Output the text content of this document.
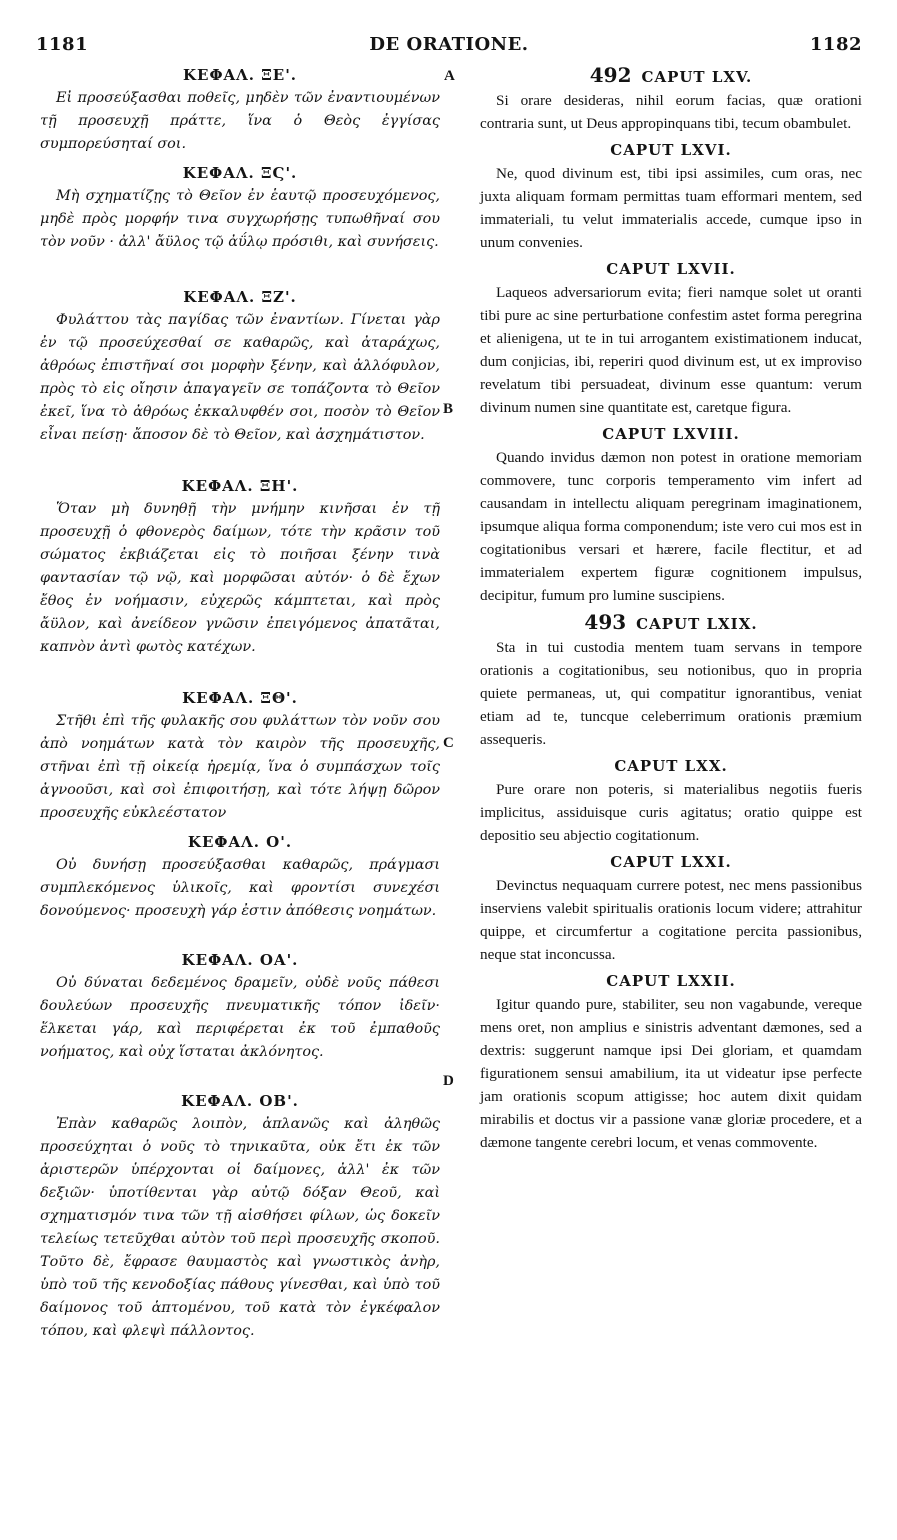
1181	DE ORATIONE.	1182
A
B
C
D
ΚΕΦΑΛ. ΞΕ'.

Εἰ προσεύξασθαι ποθεῖς, μηδὲν τῶν ἐναντιουμένων τῇ προσευχῇ πράττε, ἵνα ὁ Θεὸς ἐγγίσας συμπορεύσηταί σοι.

ΚΕΦΑΛ. ΞϚ'.

Μὴ σχηματίζῃς τὸ Θεῖον ἐν ἑαυτῷ προσευχόμενος, μηδὲ πρὸς μορφήν τινα συγχωρήσῃς τυπωθῆναί σου τὸν νοῦν · ἀλλ' ἄϋλος τῷ ἀΰλῳ πρόσιθι, καὶ συνήσεις.

ΚΕΦΑΛ. ΞΖ'.

Φυλάττου τὰς παγίδας τῶν ἐναντίων. Γίνεται γὰρ ἐν τῷ προσεύχεσθαί σε καθαρῶς, καὶ ἀταράχως, ἀθρόως ἐπιστῆναί σοι μορφὴν ξένην, καὶ ἀλλόφυλον, πρὸς τὸ εἰς οἴησιν ἀπαγαγεῖν σε τοπάζοντα τὸ Θεῖον ἐκεῖ, ἵνα τὸ ἀθρόως ἐκκαλυφθέν σοι, ποσὸν τὸ Θεῖον εἶναι πείσῃ· ἄποσον δὲ τὸ Θεῖον, καὶ ἀσχημάτιστον.

ΚΕΦΑΛ. ΞΗ'.

Ὅταν μὴ δυνηθῇ τὴν μνήμην κινῆσαι ἐν τῇ προσευχῇ ὁ φθονερὸς δαίμων, τότε τὴν κρᾶσιν τοῦ σώματος ἐκβιάζεται εἰς τὸ ποιῆσαι ξένην τινὰ φαντασίαν τῷ νῷ, καὶ μορφῶσαι αὐτόν· ὁ δὲ ἔχων ἔθος ἐν νοήμασιν, εὐχερῶς κάμπτεται, καὶ πρὸς ἄϋλον, καὶ ἀνείδεον γνῶσιν ἐπειγόμενος ἀπατᾶται, καπνὸν ἀντὶ φωτὸς κατέχων.

ΚΕΦΑΛ. ΞΘ'.

Στῆθι ἐπὶ τῆς φυλακῆς σου φυλάττων τὸν νοῦν σου ἀπὸ νοημάτων κατὰ τὸν καιρὸν τῆς προσευχῆς, στῆναι ἐπὶ τῇ οἰκείᾳ ἠρεμίᾳ, ἵνα ὁ συμπάσχων τοῖς ἀγνοοῦσι, καὶ σοὶ ἐπιφοιτήσῃ, καὶ τότε λήψῃ δῶρον προσευχῆς εὐκλεέστατον

ΚΕΦΑΛ. Ο'.

Οὐ δυνήσῃ προσεύξασθαι καθαρῶς, πράγμασι συμπλεκόμενος ὑλικοῖς, καὶ φροντίσι συνεχέσι δονούμενος· προσευχὴ γάρ ἐστιν ἀπόθεσις νοημάτων.

ΚΕΦΑΛ. ΟΑ'.

Οὐ δύναται δεδεμένος δραμεῖν, οὐδὲ νοῦς πάθεσι δουλεύων προσευχῆς πνευματικῆς τόπον ἰδεῖν· ἕλκεται γάρ, καὶ περιφέρεται ἐκ τοῦ ἐμπαθοῦς νοήματος, καὶ οὐχ ἵσταται ἀκλόνητος.

ΚΕΦΑΛ. ΟΒ'.

Ἐπὰν καθαρῶς λοιπὸν, ἀπλανῶς καὶ ἀληθῶς προσεύχηται ὁ νοῦς τὸ τηνικαῦτα, οὐκ ἔτι ἐκ τῶν ἀριστερῶν ὑπέρχονται οἱ δαίμονες, ἀλλ' ἐκ τῶν δεξιῶν· ὑποτίθενται γὰρ αὐτῷ δόξαν Θεοῦ, καὶ σχηματισμόν τινα τῶν τῇ αἰσθήσει φίλων, ὡς δοκεῖν τελείως τετεῦχθαι αὐτὸν τοῦ περὶ προσευχῆς σκοποῦ. Τοῦτο δὲ, ἔφρασε θαυμαστὸς καὶ γνωστικὸς ἀνὴρ, ὑπὸ τοῦ τῆς κενοδοξίας πάθους γίνεσθαι, καὶ ὑπὸ τοῦ δαίμονος τοῦ ἁπτομένου, τοῦ κατὰ τὸν ἐγκέφαλον τόπου, καὶ φλεψὶ πάλλοντος.

492 CAPUT LXV.

Si orare desideras, nihil eorum facias, quæ orationi contraria sunt, ut Deus appropinquans tibi, tecum obambulet.

CAPUT LXVI.

Ne, quod divinum est, tibi ipsi assimiles, cum oras, nec juxta aliquam formam permittas tuam efformari mentem, sed immateriali, tu velut immaterialis accede, cumque ipso in unum convenies.

CAPUT LXVII.

Laqueos adversariorum evita; fieri namque solet ut oranti tibi pure ac sine perturbatione confestim astet forma peregrina et alienigena, ut te in tui arrogantem existimationem inducat, dum conjicias, ibi, reperiri quod divinum est, ut ex improviso revelatum tibi persuadeat, divinum esse quantum: verum divinum numen sine quantitate est, caretque figura.

CAPUT LXVIII.

Quando invidus dæmon non potest in oratione memoriam commovere, tunc corporis temperamento vim infert ad causandam in intellectu aliquam peregrinam imaginationem, ipsumque aliqua forma componendum; iste vero cui mos est in cogitationibus versari et hærere, facile flectitur, et ad immaterialem expertem figuræ cognitionem impulsus, decipitur, fumum pro lumine suscipiens.

493 CAPUT LXIX.

Sta in tui custodia mentem tuam servans in tempore orationis a cogitationibus, seu notionibus, quo in propria quiete permaneas, ut, qui compatitur ignorantibus, veniat etiam ad te, tuncque celeberrimum orationis præmium assequeris.

CAPUT LXX.

Pure orare non poteris, si materialibus negotiis fueris implicitus, assiduisque curis agitatus; oratio quippe est depositio seu abjectio cogitationum.

CAPUT LXXI.

Devinctus nequaquam currere potest, nec mens passionibus inserviens valebit spiritualis orationis locum videre; attrahitur quippe, et circumfertur a cogitatione percita passionibus, neque stat inconcussa.

CAPUT LXXII.

Igitur quando pure, stabiliter, seu non vagabunde, vereque mens oret, non amplius e sinistris adventant dæmones, sed a dextris: suggerunt namque ipsi Dei gloriam, et quamdam figurationem sensui amabilium, ita ut videatur ipse perfecte jam orationis scopum attigisse; hoc autem dixit quidam mirabilis et doctus vir a passione vanæ gloriæ procedere, et a dæmone tangente cerebri locum, et venas commovente.
